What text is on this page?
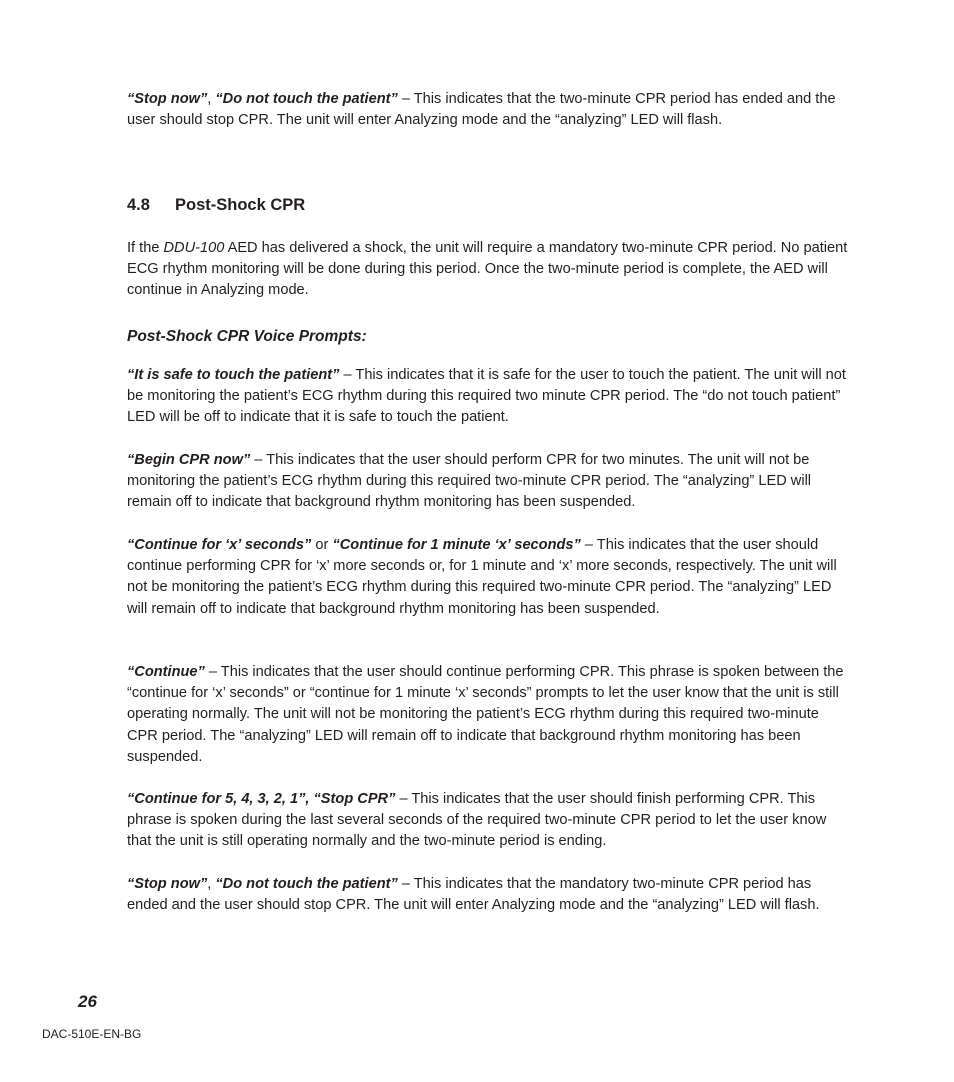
“Stop now”, “Do not touch the patient” – This indicates that the two-minute CPR period has ended and the user should stop CPR. The unit will enter Analyzing mode and the “analyzing” LED will flash.

4.8 Post-Shock CPR

If the DDU-100 AED has delivered a shock, the unit will require a mandatory two-minute CPR period. No patient ECG rhythm monitoring will be done during this period. Once the two-minute period is complete, the AED will continue in Analyzing mode.

Post-Shock CPR Voice Prompts:

“It is safe to touch the patient” – This indicates that it is safe for the user to touch the patient. The unit will not be monitoring the patient’s ECG rhythm during this required two minute CPR period. The “do not touch patient” LED will be off to indicate that it is safe to touch the patient.

“Begin CPR now” – This indicates that the user should perform CPR for two minutes. The unit will not be monitoring the patient’s ECG rhythm during this required two-minute CPR period. The “analyzing” LED will remain off to indicate that background rhythm monitoring has been suspended.

“Continue for ‘x’ seconds” or “Continue for 1 minute ‘x’ seconds” – This indicates that the user should continue performing CPR for ‘x’ more seconds or, for 1 minute and ‘x’ more seconds, respectively. The unit will not be monitoring the patient’s ECG rhythm during this required two-minute CPR period. The “analyzing” LED will remain off to indicate that background rhythm monitoring has been suspended.

“Continue” – This indicates that the user should continue performing CPR. This phrase is spoken between the “continue for ‘x’ seconds” or “continue for 1 minute ‘x’ seconds” prompts to let the user know that the unit is still operating normally. The unit will not be monitoring the patient’s ECG rhythm during this required two-minute CPR period. The “analyzing” LED will remain off to indicate that background rhythm monitoring has been suspended.

“Continue for 5, 4, 3, 2, 1”, “Stop CPR” – This indicates that the user should finish performing CPR. This phrase is spoken during the last several seconds of the required two-minute CPR period to let the user know that the unit is still operating normally and the two-minute period is ending.

“Stop now”, “Do not touch the patient” – This indicates that the mandatory two-minute CPR period has ended and the user should stop CPR. The unit will enter Analyzing mode and the “analyzing” LED will flash.

26
DAC-510E-EN-BG
